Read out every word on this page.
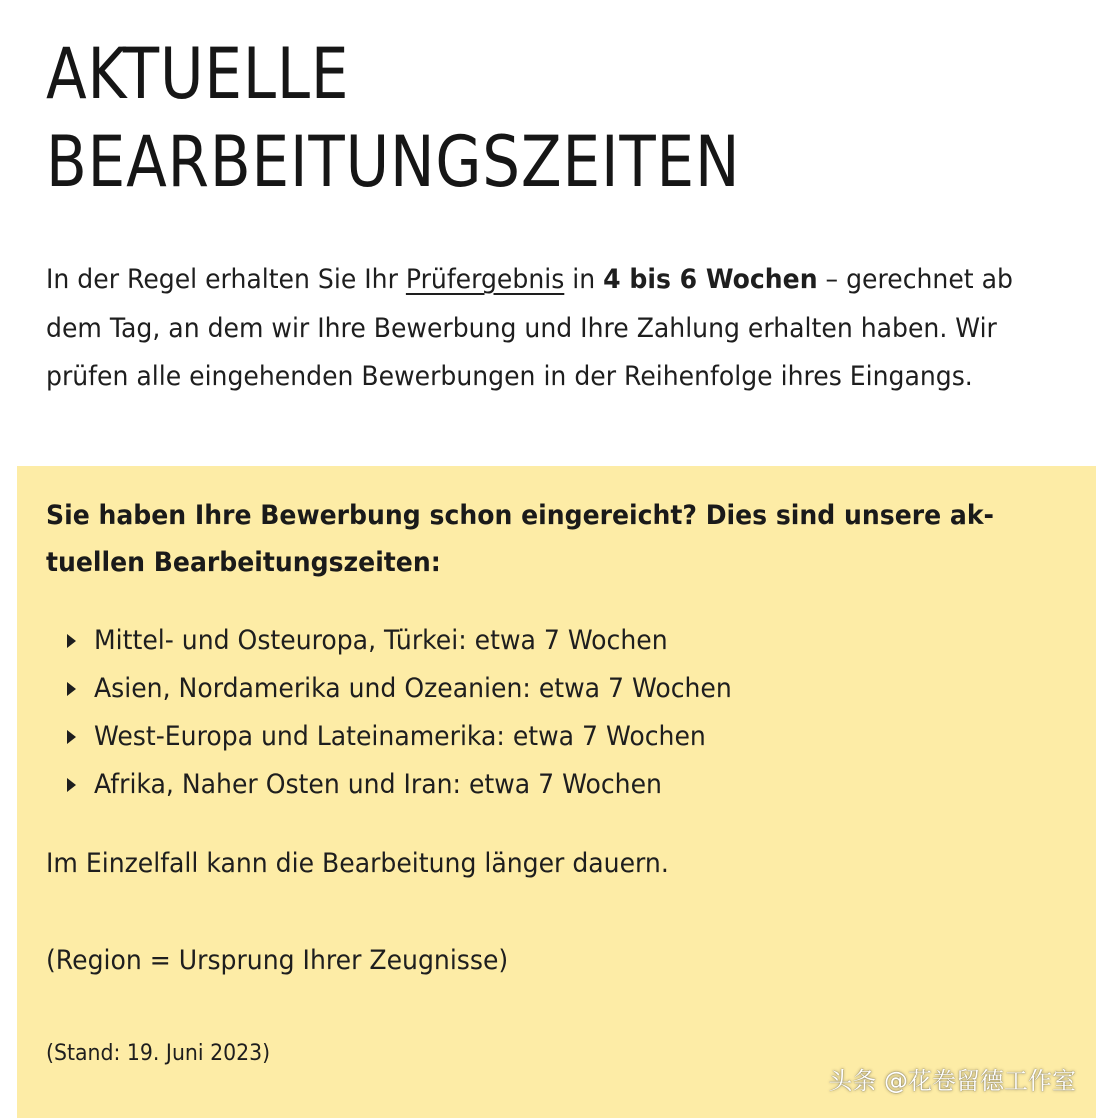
AKTUELLE
BEARBEITUNGSZEITEN

In der Regel erhalten Sie Ihr Prüfergebnis in 4 bis 6 Wochen – gerechnet ab
dem Tag, an dem wir Ihre Bewerbung und Ihre Zahlung erhalten haben. Wir
prüfen alle eingehenden Bewerbungen in der Reihenfolge ihres Eingangs.

Sie haben Ihre Bewerbung schon eingereicht? Dies sind unsere ak-
tuellen Bearbeitungszeiten:

Mittel- und Osteuropa, Türkei: etwa 7 Wochen
Asien, Nordamerika und Ozeanien: etwa 7 Wochen
West-Europa und Lateinamerika: etwa 7 Wochen
Afrika, Naher Osten und Iran: etwa 7 Wochen

Im Einzelfall kann die Bearbeitung länger dauern.

(Region = Ursprung Ihrer Zeugnisse)

(Stand: 19. Juni 2023)

头条 @花卷留德工作室
